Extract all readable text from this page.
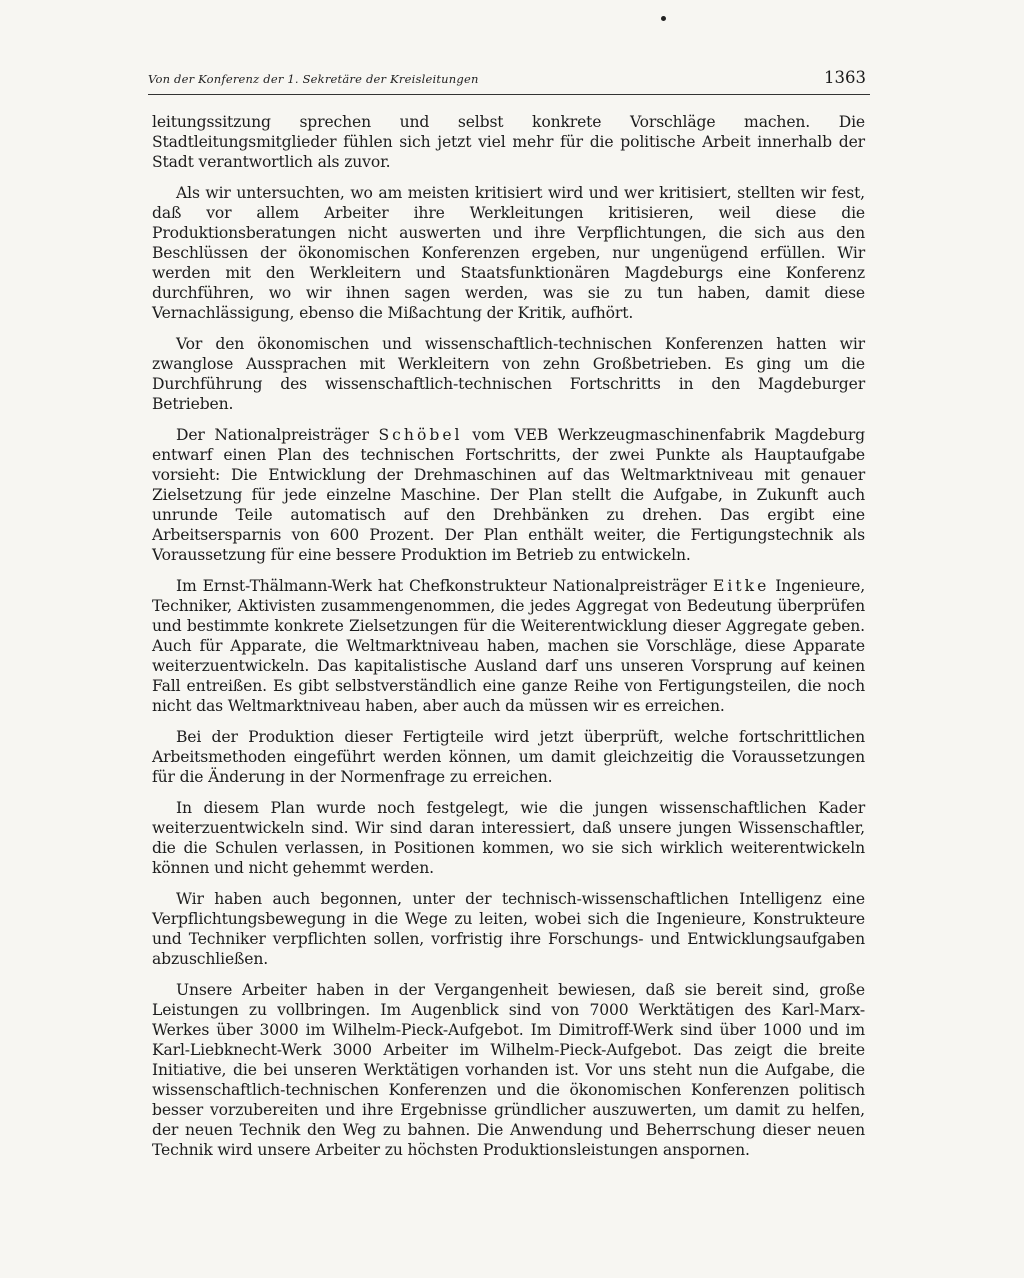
Von der Konferenz der 1. Sekretäre der Kreisleitungen	1363

leitungssitzung sprechen und selbst konkrete Vorschläge machen. Die Stadtleitungsmitglieder fühlen sich jetzt viel mehr für die politische Arbeit innerhalb der Stadt verantwortlich als zuvor.

Als wir untersuchten, wo am meisten kritisiert wird und wer kritisiert, stellten wir fest, daß vor allem Arbeiter ihre Werkleitungen kritisieren, weil diese die Produktionsberatungen nicht auswerten und ihre Verpflichtungen, die sich aus den Beschlüssen der ökonomischen Konferenzen ergeben, nur ungenügend erfüllen. Wir werden mit den Werkleitern und Staatsfunktionären Magdeburgs eine Konferenz durchführen, wo wir ihnen sagen werden, was sie zu tun haben, damit diese Vernachlässigung, ebenso die Mißachtung der Kritik, aufhört.

Vor den ökonomischen und wissenschaftlich-technischen Konferenzen hatten wir zwanglose Aussprachen mit Werkleitern von zehn Großbetrieben. Es ging um die Durchführung des wissenschaftlich-technischen Fortschritts in den Magdeburger Betrieben.

Der Nationalpreisträger Schöbel vom VEB Werkzeugmaschinenfabrik Magdeburg entwarf einen Plan des technischen Fortschritts, der zwei Punkte als Hauptaufgabe vorsieht: Die Entwicklung der Drehmaschinen auf das Weltmarktniveau mit genauer Zielsetzung für jede einzelne Maschine. Der Plan stellt die Aufgabe, in Zukunft auch unrunde Teile automatisch auf den Drehbänken zu drehen. Das ergibt eine Arbeitsersparnis von 600 Prozent. Der Plan enthält weiter, die Fertigungstechnik als Voraussetzung für eine bessere Produktion im Betrieb zu entwickeln.

Im Ernst-Thälmann-Werk hat Chefkonstrukteur Nationalpreisträger Eitke Ingenieure, Techniker, Aktivisten zusammengenommen, die jedes Aggregat von Bedeutung überprüfen und bestimmte konkrete Zielsetzungen für die Weiterentwicklung dieser Aggregate geben. Auch für Apparate, die Weltmarktniveau haben, machen sie Vorschläge, diese Apparate weiterzuentwickeln. Das kapitalistische Ausland darf uns unseren Vorsprung auf keinen Fall entreißen. Es gibt selbstverständlich eine ganze Reihe von Fertigungsteilen, die noch nicht das Weltmarktniveau haben, aber auch da müssen wir es erreichen.

Bei der Produktion dieser Fertigteile wird jetzt überprüft, welche fortschrittlichen Arbeitsmethoden eingeführt werden können, um damit gleichzeitig die Voraussetzungen für die Änderung in der Normenfrage zu erreichen.

In diesem Plan wurde noch festgelegt, wie die jungen wissenschaftlichen Kader weiterzuentwickeln sind. Wir sind daran interessiert, daß unsere jungen Wissenschaftler, die die Schulen verlassen, in Positionen kommen, wo sie sich wirklich weiterentwickeln können und nicht gehemmt werden.

Wir haben auch begonnen, unter der technisch-wissenschaftlichen Intelligenz eine Verpflichtungsbewegung in die Wege zu leiten, wobei sich die Ingenieure, Konstrukteure und Techniker verpflichten sollen, vorfristig ihre Forschungs- und Entwicklungsaufgaben abzuschließen.

Unsere Arbeiter haben in der Vergangenheit bewiesen, daß sie bereit sind, große Leistungen zu vollbringen. Im Augenblick sind von 7000 Werktätigen des Karl-Marx-Werkes über 3000 im Wilhelm-Pieck-Aufgebot. Im Dimitroff-Werk sind über 1000 und im Karl-Liebknecht-Werk 3000 Arbeiter im Wilhelm-Pieck-Aufgebot. Das zeigt die breite Initiative, die bei unseren Werktätigen vorhanden ist. Vor uns steht nun die Aufgabe, die wissenschaftlich-technischen Konferenzen und die ökonomischen Konferenzen politisch besser vorzubereiten und ihre Ergebnisse gründlicher auszuwerten, um damit zu helfen, der neuen Technik den Weg zu bahnen. Die Anwendung und Beherrschung dieser neuen Technik wird unsere Arbeiter zu höchsten Produktionsleistungen anspornen.
